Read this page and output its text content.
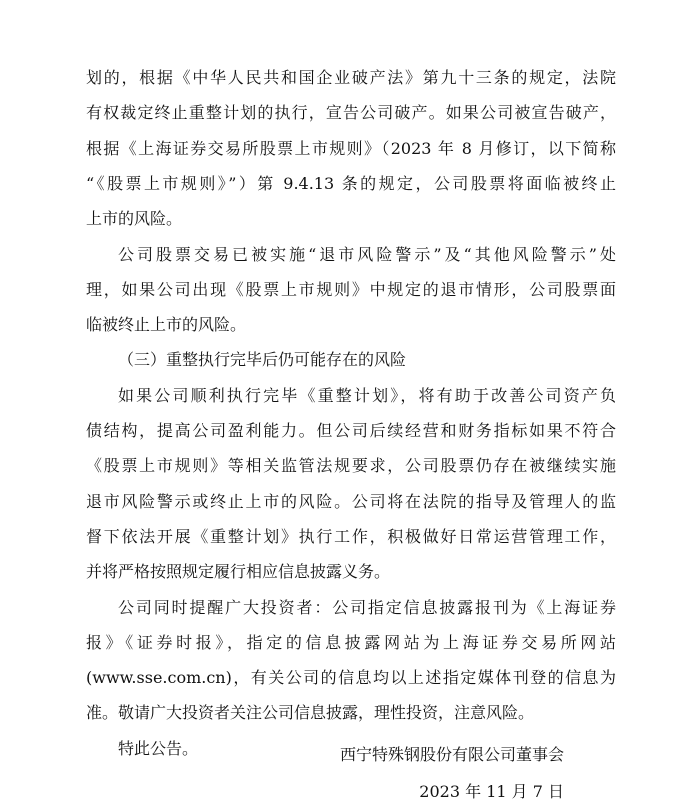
划的，根据《中华人民共和国企业破产法》第九十三条的规定，法院
有权裁定终止重整计划的执行，宣告公司破产。如果公司被宣告破产，
根据《上海证券交易所股票上市规则》（2023 年 8 月修订，以下简称
“《股票上市规则》”）第 9.4.13 条的规定，公司股票将面临被终止
上市的风险。
公司股票交易已被实施“退市风险警示”及“其他风险警示”处
理，如果公司出现《股票上市规则》中规定的退市情形，公司股票面
临被终止上市的风险。
（三）重整执行完毕后仍可能存在的风险
如果公司顺利执行完毕《重整计划》，将有助于改善公司资产负
债结构，提高公司盈利能力。但公司后续经营和财务指标如果不符合
《股票上市规则》等相关监管法规要求，公司股票仍存在被继续实施
退市风险警示或终止上市的风险。公司将在法院的指导及管理人的监
督下依法开展《重整计划》执行工作，积极做好日常运营管理工作，
并将严格按照规定履行相应信息披露义务。
公司同时提醒广大投资者：公司指定信息披露报刊为《上海证券
报》《证券时报》，指定的信息披露网站为上海证券交易所网站
(www.sse.com.cn)，有关公司的信息均以上述指定媒体刊登的信息为
准。敬请广大投资者关注公司信息披露，理性投资，注意风险。
特此公告。	西宁特殊钢股份有限公司董事会
2023 年 11 月 7 日
